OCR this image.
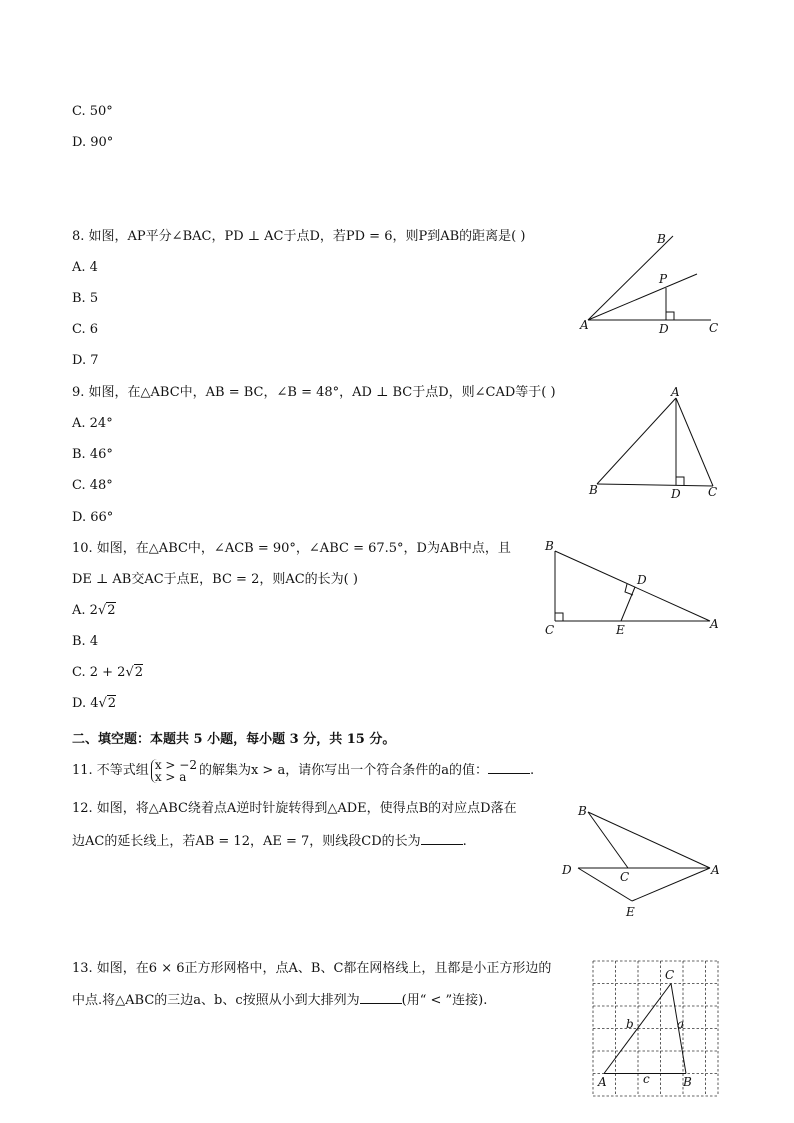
C. 50°
D. 90°
8. 如图，AP平分∠BAC，PD ⊥ AC于点D，若PD = 6，则P到AB的距离是( )
A. 4
B. 5
C. 6
D. 7
B
P
A	D	C
9. 如图，在△ABC中，AB = BC，∠B = 48°，AD ⊥ BC于点D，则∠CAD等于( )
A. 24°
B. 46°
C. 48°
D. 66°
A
B	D C
10. 如图，在△ABC中，∠ACB = 90°，∠ABC = 67.5°，D为AB中点，且
DE ⊥ AB交AC于点E，BC = 2，则AC的长为( )
A. 2√2
B. 4
C. 2 + 2√2
D. 4√2
B
D
C	E	A
二、填空题：本题共 5 小题，每小题 3 分，共 15 分。
11. 不等式组 x > −2
x > a 的解集为x > a，请你写出一个符合条件的a的值：	.
12. 如图，将△ABC绕着点A逆时针旋转得到△ADE，使得点B的对应点D落在
边AC的延长线上，若AB = 12，AE = 7，则线段CD的长为	.
B
D	C	A
E
13. 如图，在6 × 6正方形网格中，点A、B、C都在网格线上，且都是小正方形边的
中点.将△ABC的三边a、b、c按照从小到大排列为	(用“ < ”连接).
C
b	a
A	c	B
